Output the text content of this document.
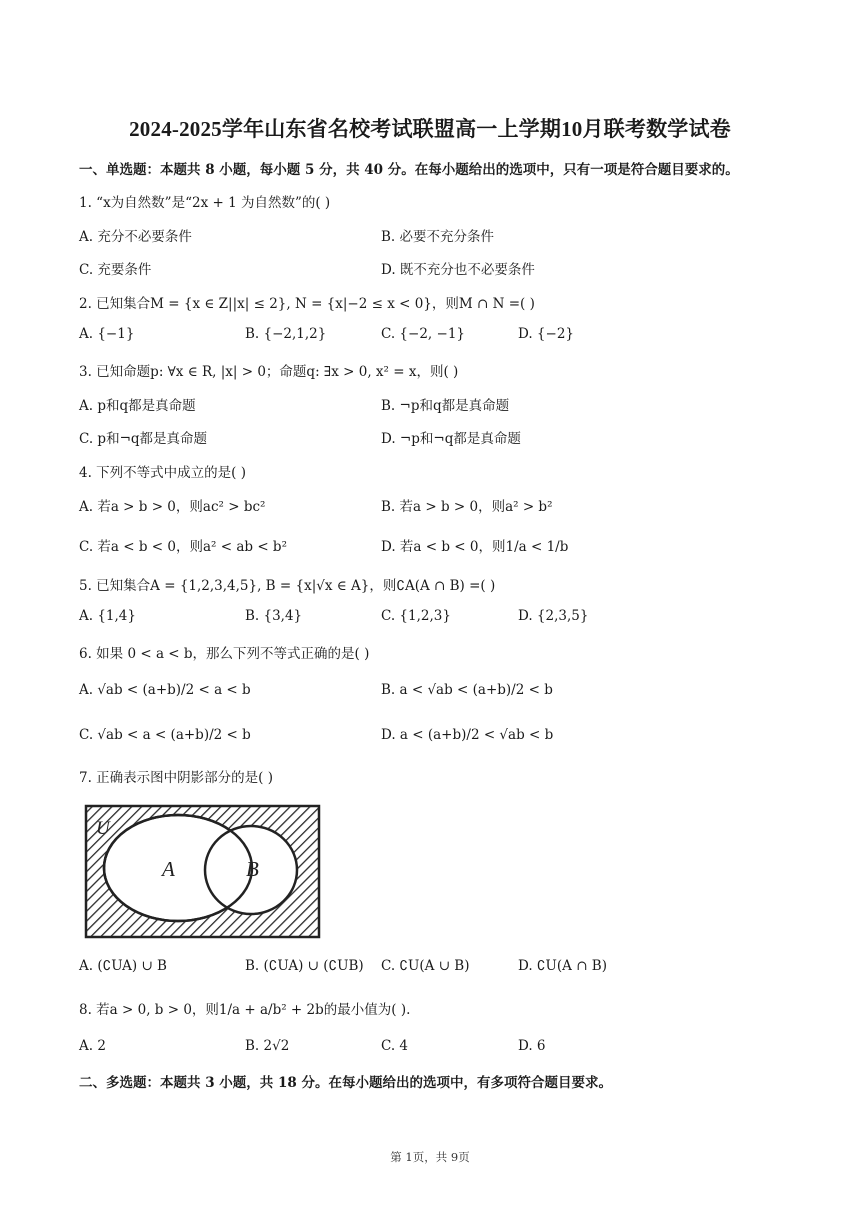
2024-2025学年山东省名校考试联盟高一上学期10月联考数学试卷
一、单选题：本题共 8 小题，每小题 5 分，共 40 分。在每小题给出的选项中，只有一项是符合题目要求的。
1. “x为自然数”是“2x + 1 为自然数”的( )
A. 充分不必要条件	B. 必要不充分条件
C. 充要条件	D. 既不充分也不必要条件
2. 已知集合M = {x ∈ Z||x| ≤ 2}, N = {x|−2 ≤ x < 0}，则M ∩ N =( )
A. {−1}	B. {−2,1,2}	C. {−2, −1}	D. {−2}
3. 已知命题p: ∀x ∈ R, |x| > 0；命题q: ∃x > 0, x² = x，则( )
A. p和q都是真命题	B. ¬p和q都是真命题
C. p和¬q都是真命题	D. ¬p和¬q都是真命题
4. 下列不等式中成立的是( )
A. 若a > b > 0，则ac² > bc²	B. 若a > b > 0，则a² > b²
C. 若a < b < 0，则a² < ab < b²	D. 若a < b < 0，则1/a < 1/b
5. 已知集合A = {1,2,3,4,5}, B = {x|√x ∈ A}，则∁A(A ∩ B) =( )
A. {1,4}	B. {3,4}	C. {1,2,3}	D. {2,3,5}
6. 如果 0 < a < b，那么下列不等式正确的是( )
A. √ab < (a+b)/2 < a < b	B. a < √ab < (a+b)/2 < b
C. √ab < a < (a+b)/2 < b	D. a < (a+b)/2 < √ab < b
7. 正确表示图中阴影部分的是( )
U
A	B
A. (∁UA) ∪ B	B. (∁UA) ∪ (∁UB) C. ∁U(A ∪ B)	D. ∁U(A ∩ B)
8. 若a > 0, b > 0，则1/a + a/b² + 2b的最小值为( ).
A. 2	B. 2√2	C. 4	D. 6
二、多选题：本题共 3 小题，共 18 分。在每小题给出的选项中，有多项符合题目要求。
第 1页，共 9页
